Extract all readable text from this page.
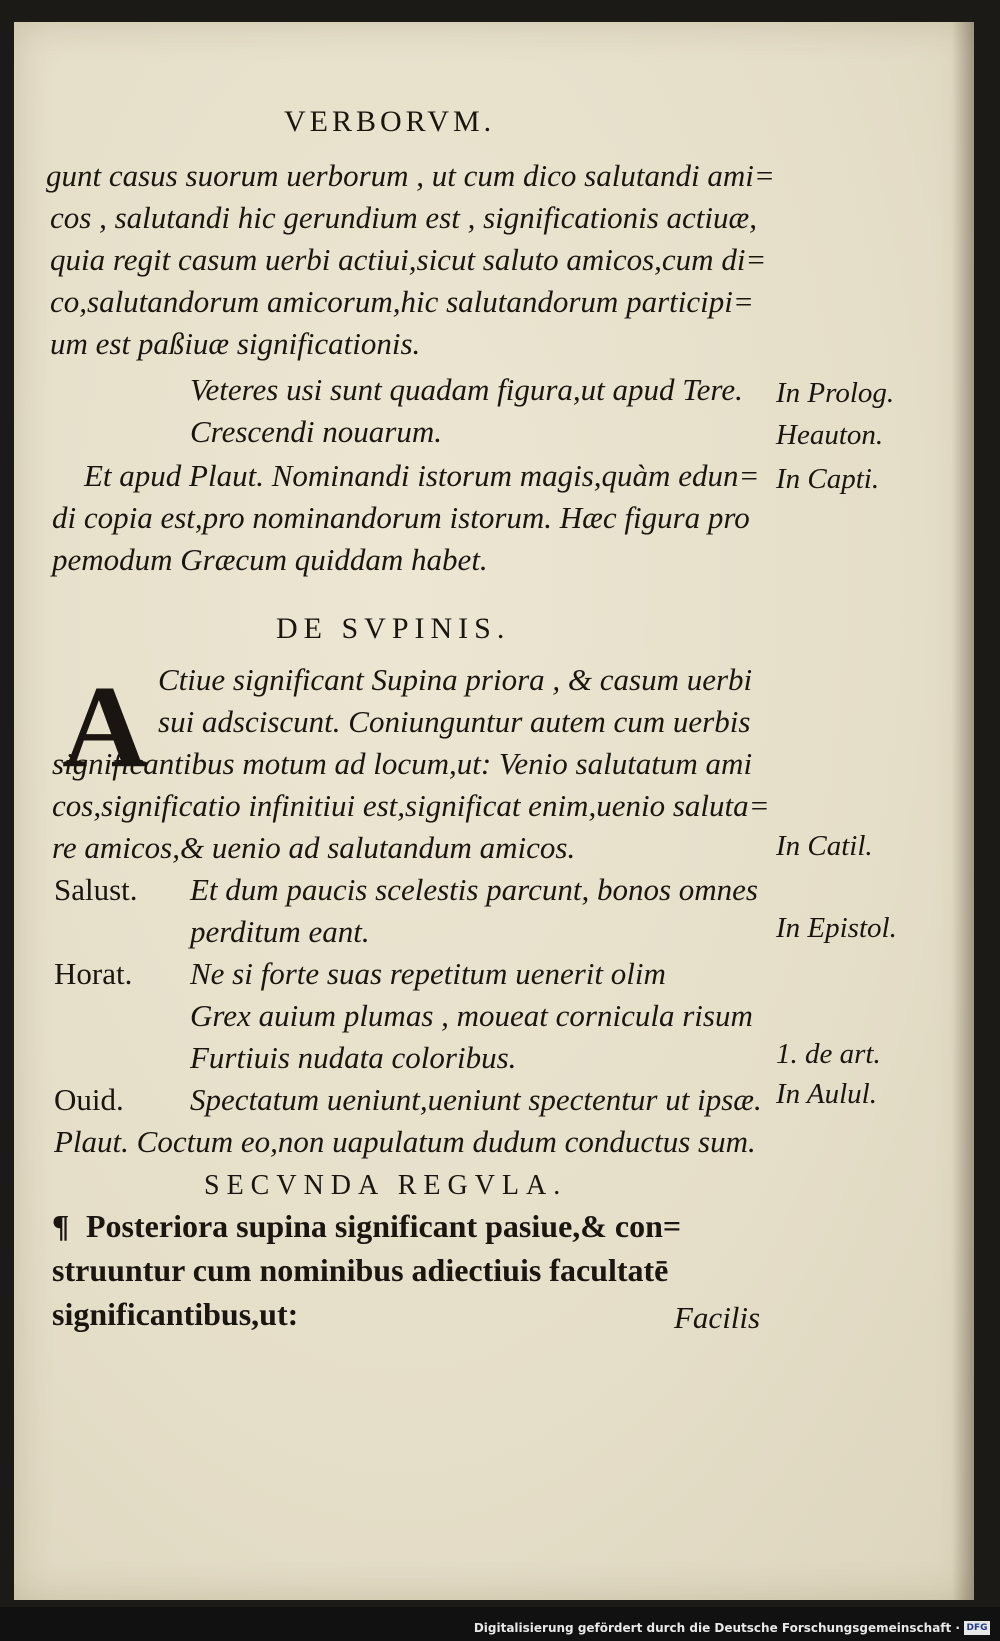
VERBORVM.
gunt casus suorum uerborum , ut cum dico salutandi ami=
cos , salutandi hic gerundium est , significationis actiuæ,
quia regit casum uerbi actiui,sicut saluto amicos,cum di=
co,salutandorum amicorum,hic salutandorum participi=
um est paßiuæ significationis.
Veteres usi sunt quadam figura,ut apud Tere.
Crescendi nouarum.
Et apud Plaut. Nominandi istorum magis,quàm edun=
di copia est,pro nominandorum istorum. Hæc figura pro
pemodum Græcum quiddam habet.
DE SVPINIS.
A Ctiue significant Supina priora , & casum uerbi
sui adsciscunt. Coniunguntur autem cum uerbis
significantibus motum ad locum,ut: Venio salutatum ami
cos,significatio infinitiui est,significat enim,uenio saluta=
re amicos,& uenio ad salutandum amicos.
Salust. Et dum paucis scelestis parcunt, bonos omnes
perditum eant.
Horat. Ne si forte suas repetitum uenerit olim
Grex auium plumas , moueat cornicula risum
Furtiuis nudata coloribus.
Ouid. Spectatum ueniunt,ueniunt spectentur ut ipsæ.
Plaut. Coctum eo,non uapulatum dudum conductus sum.
SECVNDA REGVLA.
¶ Posteriora supina significant pasiue,& con=
struuntur cum nominibus adiectiuis facultatē
significantibus,ut:	Facilis
In Prolog.
Heauton.
In Capti.
In Catil.
In Epistol.
1. de art.
In Aulul.
Digitalisierung gefördert durch die Deutsche Forschungsgemeinschaft · DFG
